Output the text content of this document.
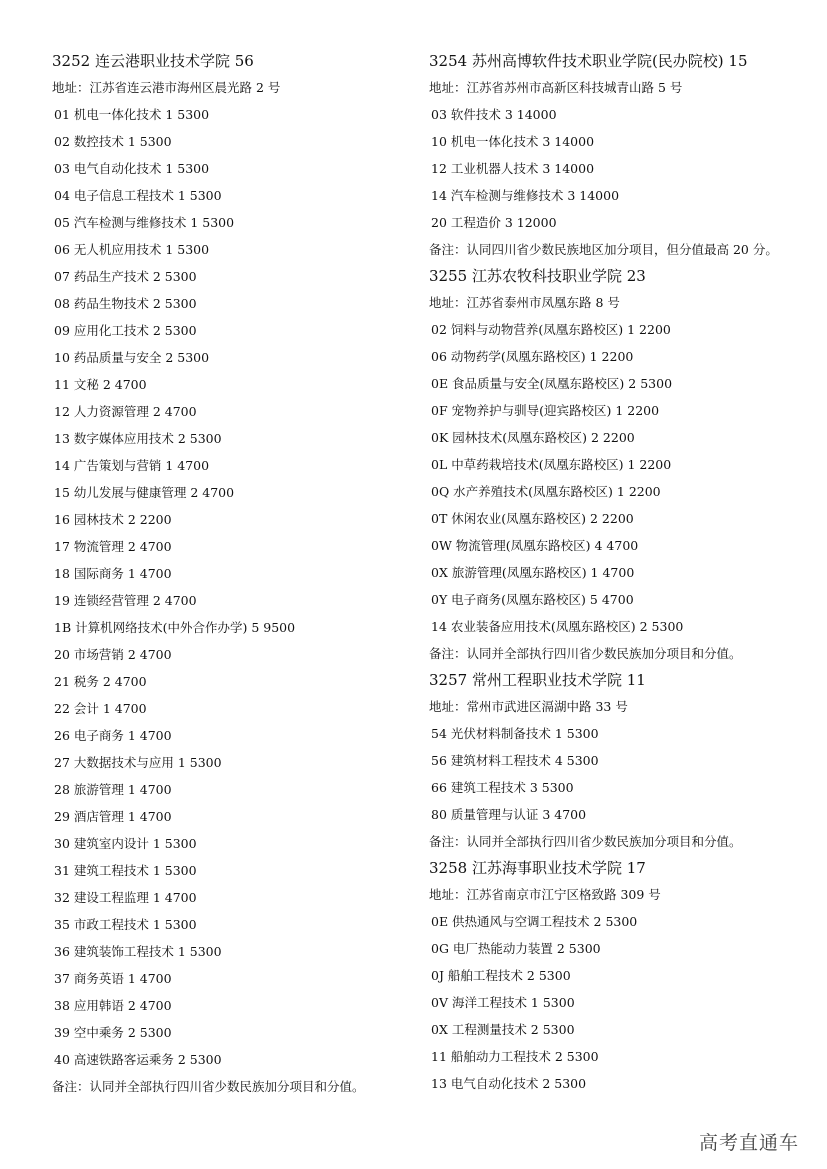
3252 连云港职业技术学院 56
地址：江苏省连云港市海州区晨光路 2 号
01 机电一体化技术 1 5300
02 数控技术 1 5300
03 电气自动化技术 1 5300
04 电子信息工程技术 1 5300
05 汽车检测与维修技术 1 5300
06 无人机应用技术 1 5300
07 药品生产技术 2 5300
08 药品生物技术 2 5300
09 应用化工技术 2 5300
10 药品质量与安全 2 5300
11 文秘 2 4700
12 人力资源管理 2 4700
13 数字媒体应用技术 2 5300
14 广告策划与营销 1 4700
15 幼儿发展与健康管理 2 4700
16 园林技术 2 2200
17 物流管理 2 4700
18 国际商务 1 4700
19 连锁经营管理 2 4700
1B 计算机网络技术(中外合作办学) 5 9500
20 市场营销 2 4700
21 税务 2 4700
22 会计 1 4700
26 电子商务 1 4700
27 大数据技术与应用 1 5300
28 旅游管理 1 4700
29 酒店管理 1 4700
30 建筑室内设计 1 5300
31 建筑工程技术 1 5300
32 建设工程监理 1 4700
35 市政工程技术 1 5300
36 建筑装饰工程技术 1 5300
37 商务英语 1 4700
38 应用韩语 2 4700
39 空中乘务 2 5300
40 高速铁路客运乘务 2 5300
备注：认同并全部执行四川省少数民族加分项目和分值。
3254 苏州高博软件技术职业学院(民办院校) 15
地址：江苏省苏州市高新区科技城青山路 5 号
03 软件技术 3 14000
10 机电一体化技术 3 14000
12 工业机器人技术 3 14000
14 汽车检测与维修技术 3 14000
20 工程造价 3 12000
备注：认同四川省少数民族地区加分项目，但分值最高 20 分。
3255 江苏农牧科技职业学院 23
地址：江苏省泰州市凤凰东路 8 号
02 饲料与动物营养(凤凰东路校区) 1 2200
06 动物药学(凤凰东路校区) 1 2200
0E 食品质量与安全(凤凰东路校区) 2 5300
0F 宠物养护与驯导(迎宾路校区) 1 2200
0K 园林技术(凤凰东路校区) 2 2200
0L 中草药栽培技术(凤凰东路校区) 1 2200
0Q 水产养殖技术(凤凰东路校区) 1 2200
0T 休闲农业(凤凰东路校区) 2 2200
0W 物流管理(凤凰东路校区) 4 4700
0X 旅游管理(凤凰东路校区) 1 4700
0Y 电子商务(凤凰东路校区) 5 4700
14 农业装备应用技术(凤凰东路校区) 2 5300
备注：认同并全部执行四川省少数民族加分项目和分值。
3257 常州工程职业技术学院 11
地址：常州市武进区滆湖中路 33 号
54 光伏材料制备技术 1 5300
56 建筑材料工程技术 4 5300
66 建筑工程技术 3 5300
80 质量管理与认证 3 4700
备注：认同并全部执行四川省少数民族加分项目和分值。
3258 江苏海事职业技术学院 17
地址：江苏省南京市江宁区格致路 309 号
0E 供热通风与空调工程技术 2 5300
0G 电厂热能动力装置 2 5300
0J 船舶工程技术 2 5300
0V 海洋工程技术 1 5300
0X 工程测量技术 2 5300
11 船舶动力工程技术 2 5300
13 电气自动化技术 2 5300
高考直通车
